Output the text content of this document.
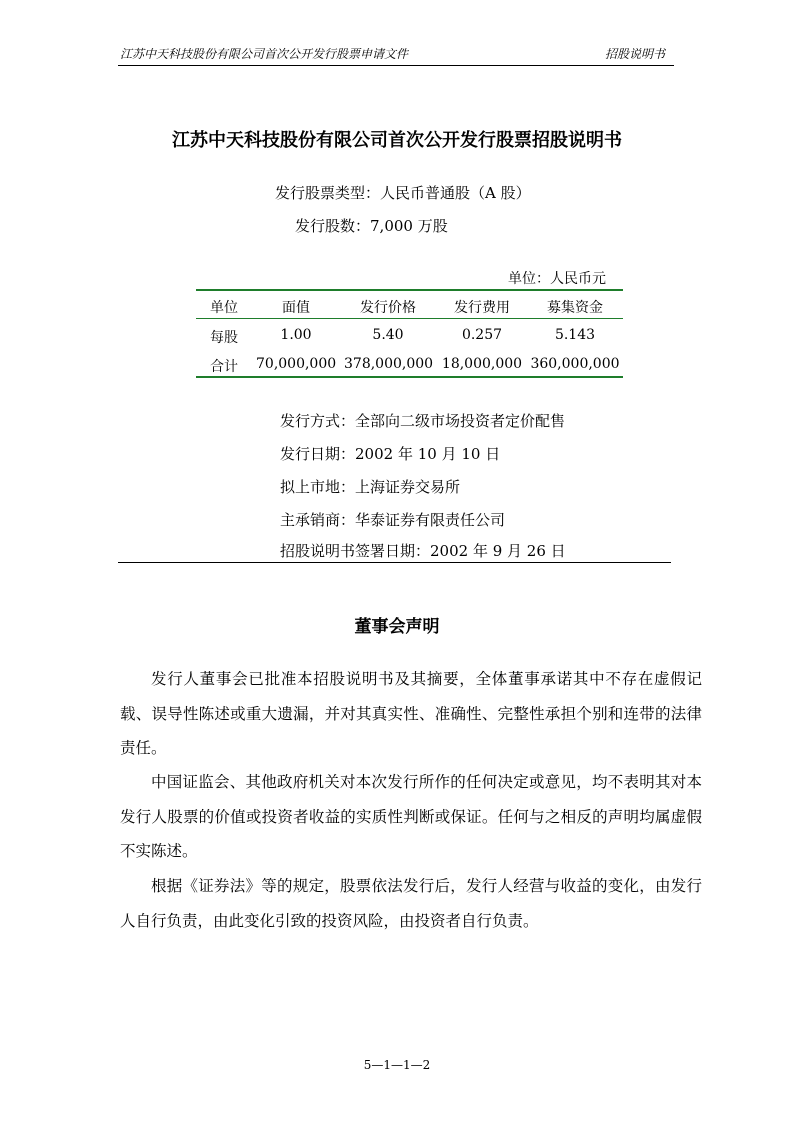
江苏中天科技股份有限公司首次公开发行股票申请文件	招股说明书
江苏中天科技股份有限公司首次公开发行股票招股说明书
发行股票类型：人民币普通股（A 股）
发行股数：7,000 万股
单位：人民币元
单位	面值	发行价格	发行费用	募集资金
每股	1.00	5.40	0.257	5.143
合计	70,000,000 378,000,000 18,000,000 360,000,000
发行方式：全部向二级市场投资者定价配售
发行日期：2002 年 10 月 10 日
拟上市地：上海证券交易所
主承销商：华泰证券有限责任公司
招股说明书签署日期：2002 年 9 月 26 日
董事会声明
发行人董事会已批准本招股说明书及其摘要，全体董事承诺其中不存在虚假记载、误导性陈述或重大遗漏，并对其真实性、准确性、完整性承担个别和连带的法律责任。
中国证监会、其他政府机关对本次发行所作的任何决定或意见，均不表明其对本发行人股票的价值或投资者收益的实质性判断或保证。任何与之相反的声明均属虚假不实陈述。
根据《证券法》等的规定，股票依法发行后，发行人经营与收益的变化，由发行人自行负责，由此变化引致的投资风险，由投资者自行负责。
5—1—1—2
